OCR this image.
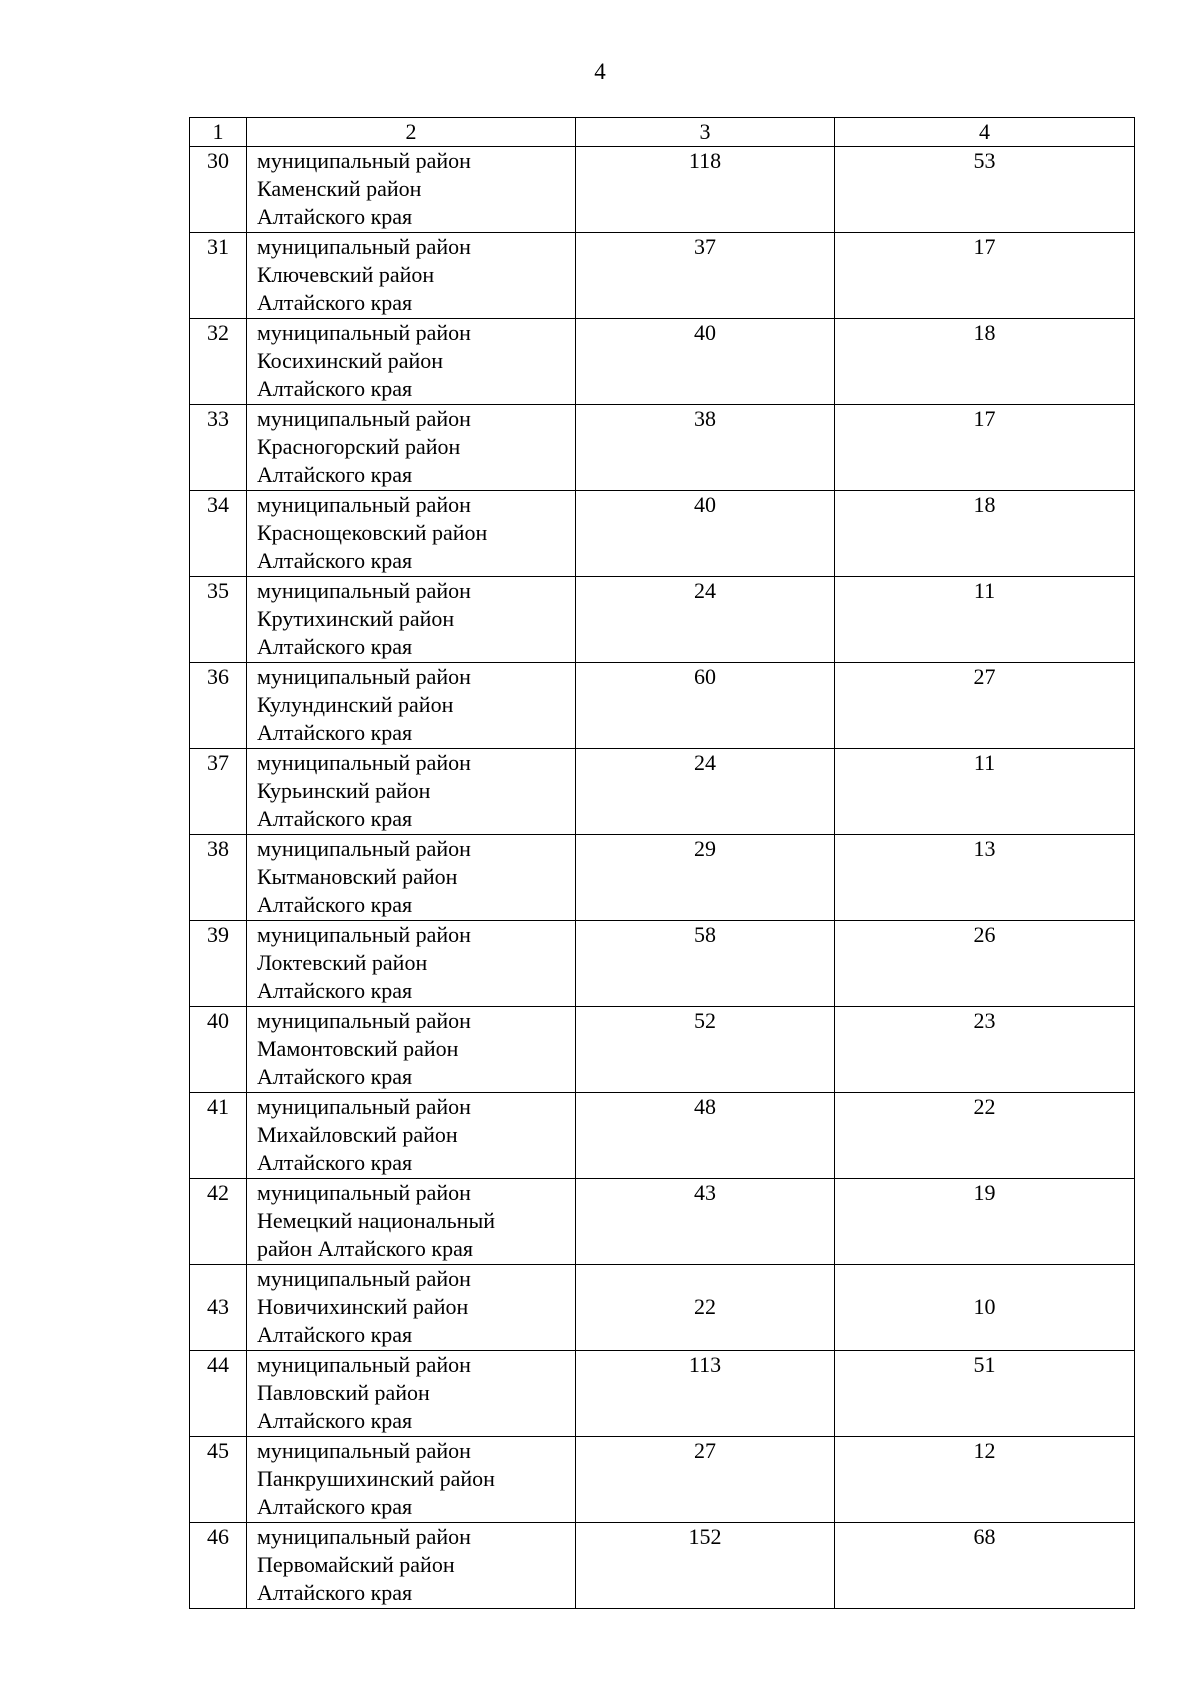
4
1	2	3	4
30	муниципальный район
Каменский район
Алтайского края	118	53
31	муниципальный район
Ключевский район
Алтайского края	37	17
32	муниципальный район
Косихинский район
Алтайского края	40	18
33	муниципальный район
Красногорский район
Алтайского края	38	17
34	муниципальный район
Краснощековский район
Алтайского края	40	18
35	муниципальный район
Крутихинский район
Алтайского края	24	11
36	муниципальный район
Кулундинский район
Алтайского края	60	27
37	муниципальный район
Курьинский район
Алтайского края	24	11
38	муниципальный район
Кытмановский район
Алтайского края	29	13
39	муниципальный район
Локтевский район
Алтайского края	58	26
40	муниципальный район
Мамонтовский район
Алтайского края	52	23
41	муниципальный район
Михайловский район
Алтайского края	48	22
42	муниципальный район
Немецкий национальный
район Алтайского края	43	19
43	муниципальный район
Новичихинский район
Алтайского края	22	10
44	муниципальный район
Павловский район
Алтайского края	113	51
45	муниципальный район
Панкрушихинский район
Алтайского края	27	12
46	муниципальный район
Первомайский район
Алтайского края	152	68
